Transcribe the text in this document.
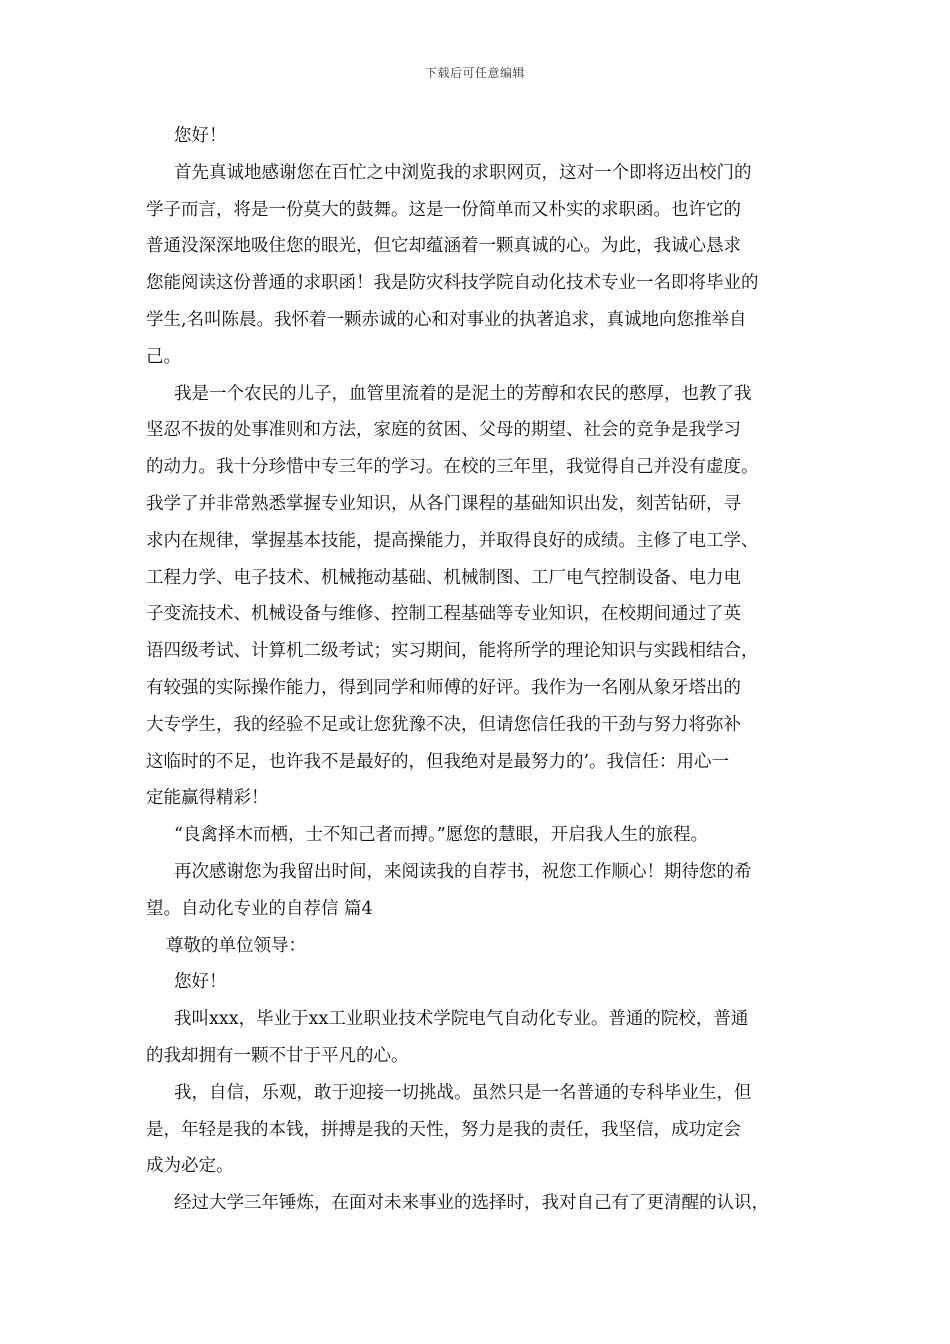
下载后可任意编辑
您好！
首先真诚地感谢您在百忙之中浏览我的求职网页，这对一个即将迈出校门的
学子而言，将是一份莫大的鼓舞。这是一份简单而又朴实的求职函。也许它的
普通没深深地吸住您的眼光，但它却蕴涵着一颗真诚的心。为此，我诚心恳求
您能阅读这份普通的求职函！我是防灾科技学院自动化技术专业一名即将毕业的
学生,名叫陈晨。我怀着一颗赤诚的心和对事业的执著追求，真诚地向您推举自
己。
我是一个农民的儿子，血管里流着的是泥土的芳醇和农民的憨厚，也教了我
坚忍不拔的处事准则和方法，家庭的贫困、父母的期望、社会的竞争是我学习
的动力。我十分珍惜中专三年的学习。在校的三年里，我觉得自己并没有虚度。
我学了并非常熟悉掌握专业知识，从各门课程的基础知识出发，刻苦钻研，寻
求内在规律，掌握基本技能，提高操能力，并取得良好的成绩。主修了电工学、
工程力学、电子技术、机械拖动基础、机械制图、工厂电气控制设备、电力电
子变流技术、机械设备与维修、控制工程基础等专业知识，在校期间通过了英
语四级考试、计算机二级考试；实习期间，能将所学的理论知识与实践相结合，
有较强的实际操作能力，得到同学和师傅的好评。我作为一名刚从象牙塔出的
大专学生，我的经验不足或让您犹豫不决，但请您信任我的干劲与努力将弥补
这临时的不足，也许我不是最好的，但我绝对是最努力的’。我信任：用心一
定能赢得精彩！
“良禽择木而栖，士不知己者而搏。”愿您的慧眼，开启我人生的旅程。
再次感谢您为我留出时间，来阅读我的自荐书，祝您工作顺心！期待您的希
望。自动化专业的自荐信 篇4
尊敬的单位领导：
您好！
我叫xxx，毕业于xx工业职业技术学院电气自动化专业。普通的院校，普通
的我却拥有一颗不甘于平凡的心。
我，自信，乐观，敢于迎接一切挑战。虽然只是一名普通的专科毕业生，但
是，年轻是我的本钱，拼搏是我的天性，努力是我的责任，我坚信，成功定会
成为必定。
经过大学三年锤炼，在面对未来事业的选择时，我对自己有了更清醒的认识，
